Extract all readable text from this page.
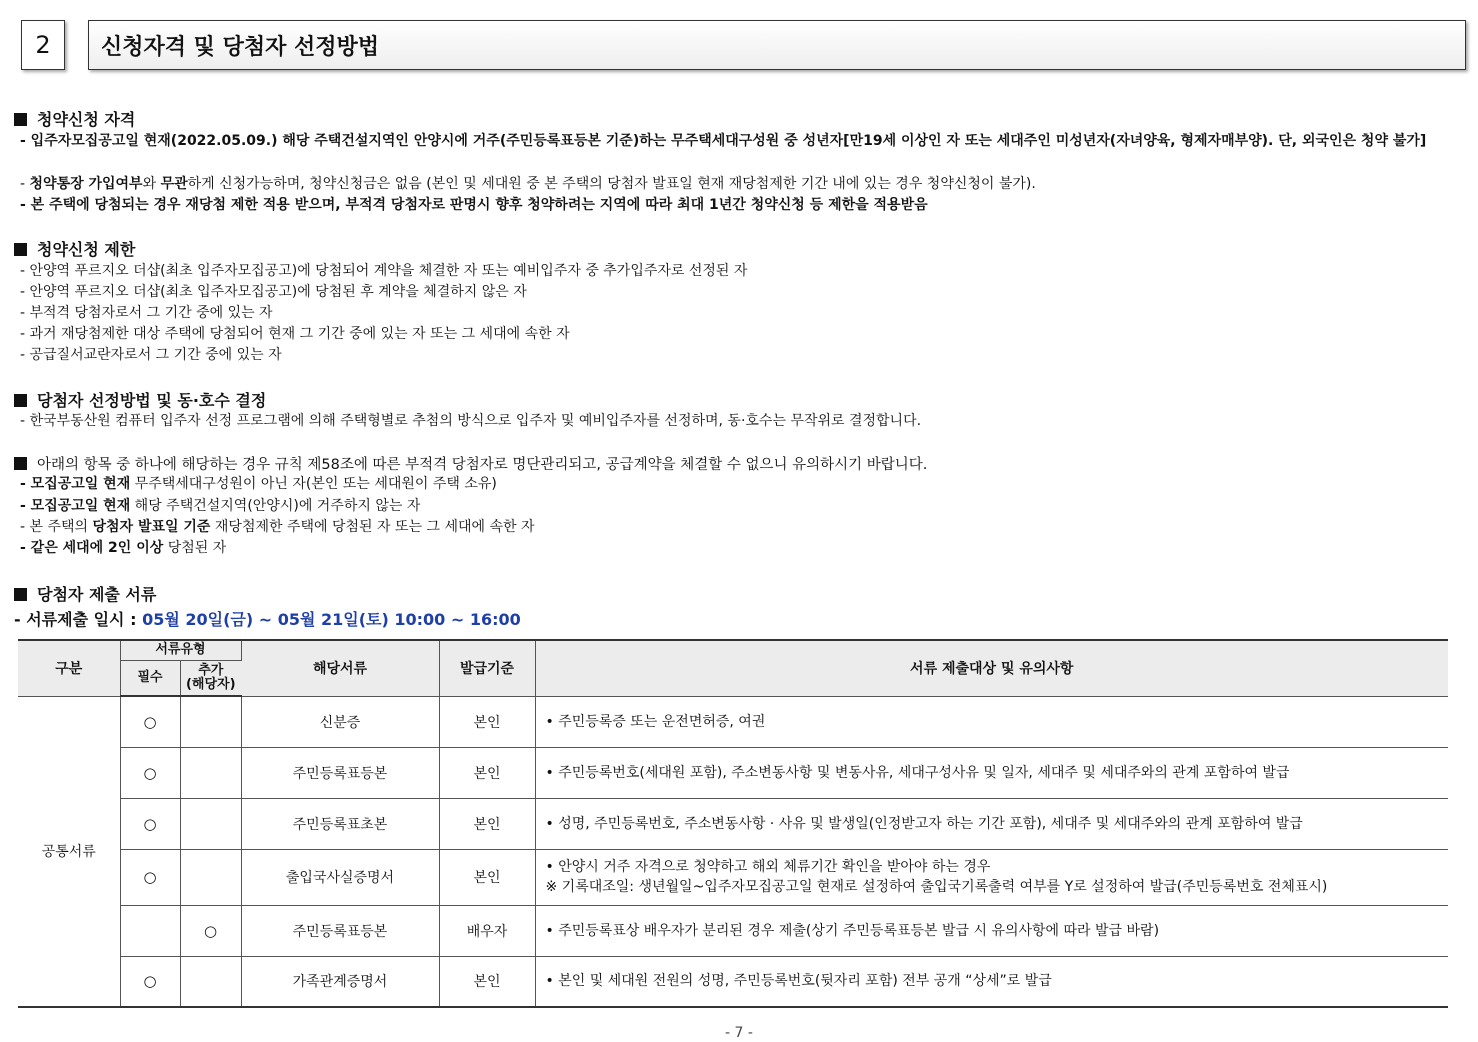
2	신청자격 및 당첨자 선정방법
청약신청 자격
- 입주자모집공고일 현재(2022.05.09.) 해당 주택건설지역인 안양시에 거주(주민등록표등본 기준)하는 무주택세대구성원 중 성년자[만19세 이상인 자 또는 세대주인 미성년자(자녀양육, 형제자매부양). 단, 외국인은 청약 불가]
- 청약통장 가입여부와 무관하게 신청가능하며, 청약신청금은 없음 (본인 및 세대원 중 본 주택의 당첨자 발표일 현재 재당첨제한 기간 내에 있는 경우 청약신청이 불가).
- 본 주택에 당첨되는 경우 재당첨 제한 적용 받으며, 부적격 당첨자로 판명시 향후 청약하려는 지역에 따라 최대 1년간 청약신청 등 제한을 적용받음
청약신청 제한
- 안양역 푸르지오 더샵(최초 입주자모집공고)에 당첨되어 계약을 체결한 자 또는 예비입주자 중 추가입주자로 선정된 자
- 안양역 푸르지오 더샵(최초 입주자모집공고)에 당첨된 후 계약을 체결하지 않은 자
- 부적격 당첨자로서 그 기간 중에 있는 자
- 과거 재당첨제한 대상 주택에 당첨되어 현재 그 기간 중에 있는 자 또는 그 세대에 속한 자
- 공급질서교란자로서 그 기간 중에 있는 자
당첨자 선정방법 및 동·호수 결정
- 한국부동산원 컴퓨터 입주자 선정 프로그램에 의해 주택형별로 추첨의 방식으로 입주자 및 예비입주자를 선정하며, 동·호수는 무작위로 결정합니다.
아래의 항목 중 하나에 해당하는 경우 규칙 제58조에 따른 부적격 당첨자로 명단관리되고, 공급계약을 체결할 수 없으니 유의하시기 바랍니다.
- 모집공고일 현재 무주택세대구성원이 아닌 자(본인 또는 세대원이 주택 소유)
- 모집공고일 현재 해당 주택건설지역(안양시)에 거주하지 않는 자
- 본 주택의 당첨자 발표일 기준 재당첨제한 주택에 당첨된 자 또는 그 세대에 속한 자
- 같은 세대에 2인 이상 당첨된 자
당첨자 제출 서류
- 서류제출 일시 : 05월 20일(금) ~ 05월 21일(토) 10:00 ~ 16:00
구분	서류유형		해당서류	발급기준	서류 제출대상 및 유의사항
	필수	추가
(해당자)			
공통서류	○		신분증	본인	• 주민등록증 또는 운전면허증, 여권

	○		주민등록표등본	본인	• 주민등록번호(세대원 포함), 주소변동사항 및 변동사유, 세대구성사유 및 일자, 세대주 및 세대주와의 관계 포함하여 발급

	○		주민등록표초본	본인	• 성명, 주민등록번호, 주소변동사항 · 사유 및 발생일(인정받고자 하는 기간 포함), 세대주 및 세대주와의 관계 포함하여 발급

	○		출입국사실증명서	본인	• 안양시 거주 자격으로 청약하고 해외 체류기간 확인을 받아야 하는 경우
※ 기록대조일: 생년월일~입주자모집공고일 현재로 설정하여 출입국기록출력 여부를 Y로 설정하여 발급(주민등록번호 전체표시)

		○	주민등록표등본	배우자	• 주민등록표상 배우자가 분리된 경우 제출(상기 주민등록표등본 발급 시 유의사항에 따라 발급 바람)

	○		가족관계증명서	본인	• 본인 및 세대원 전원의 성명, 주민등록번호(뒷자리 포함) 전부 공개 “상세”로 발급
- 7 -
